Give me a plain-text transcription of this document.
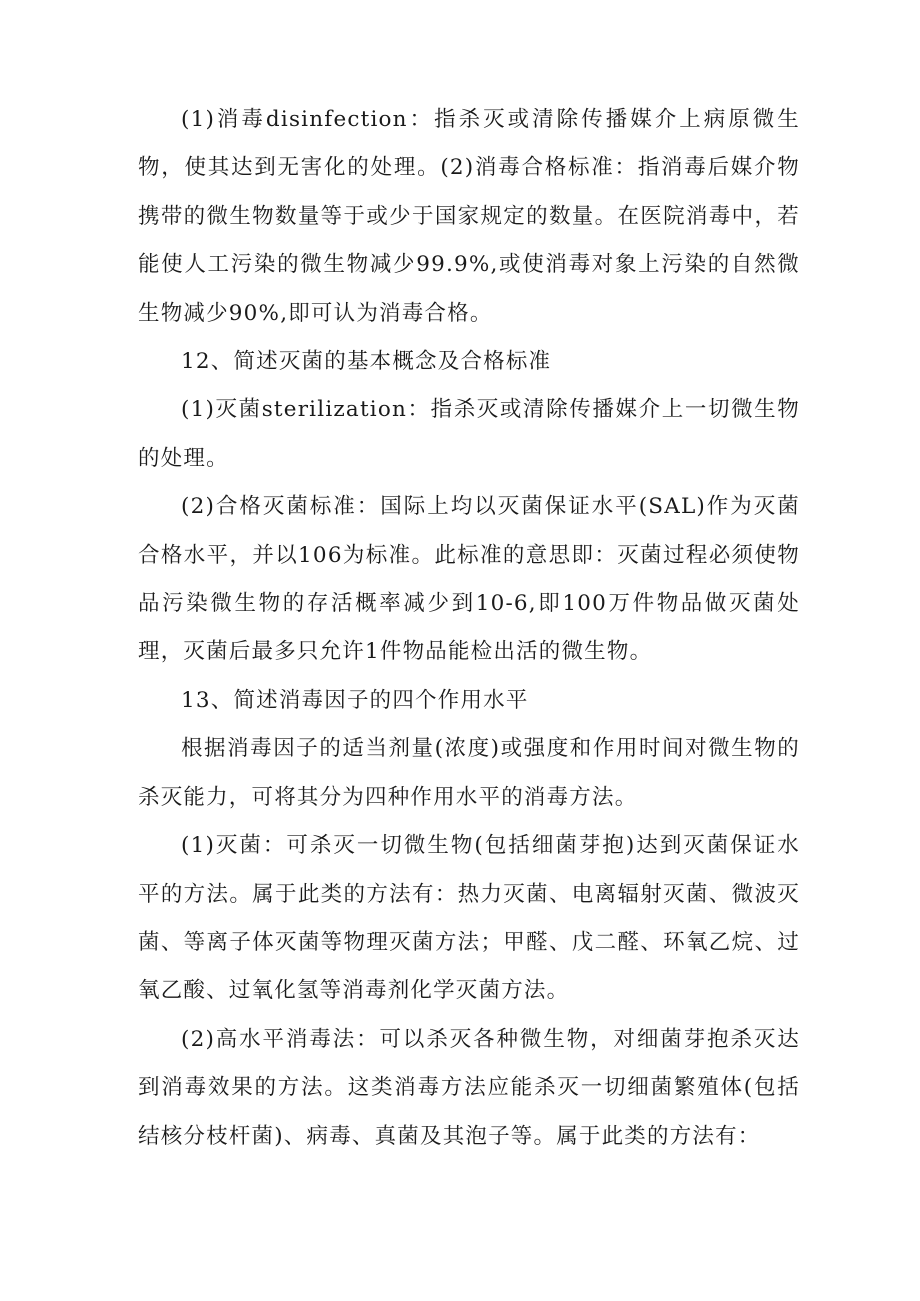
(1)消毒disinfection：指杀灭或清除传播媒介上病原微生物，使其达到无害化的处理。(2)消毒合格标准：指消毒后媒介物携带的微生物数量等于或少于国家规定的数量。在医院消毒中，若能使人工污染的微生物减少99.9%,或使消毒对象上污染的自然微生物减少90%,即可认为消毒合格。

12、简述灭菌的基本概念及合格标准

(1)灭菌sterilization：指杀灭或清除传播媒介上一切微生物的处理。

(2)合格灭菌标准：国际上均以灭菌保证水平(SAL)作为灭菌合格水平，并以106为标准。此标准的意思即：灭菌过程必须使物品污染微生物的存活概率减少到10-6,即100万件物品做灭菌处理，灭菌后最多只允许1件物品能检出活的微生物。

13、简述消毒因子的四个作用水平

根据消毒因子的适当剂量(浓度)或强度和作用时间对微生物的杀灭能力，可将其分为四种作用水平的消毒方法。

(1)灭菌：可杀灭一切微生物(包括细菌芽抱)达到灭菌保证水平的方法。属于此类的方法有：热力灭菌、电离辐射灭菌、微波灭菌、等离子体灭菌等物理灭菌方法；甲醛、戊二醛、环氧乙烷、过氧乙酸、过氧化氢等消毒剂化学灭菌方法。

(2)高水平消毒法：可以杀灭各种微生物，对细菌芽抱杀灭达到消毒效果的方法。这类消毒方法应能杀灭一切细菌繁殖体(包括结核分枝杆菌)、病毒、真菌及其泡子等。属于此类的方法有：
